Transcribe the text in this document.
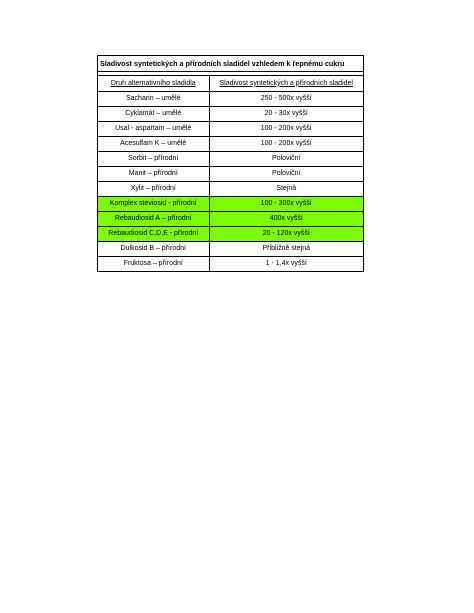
Sladivost syntetických a přírodních sladidel vzhledem k řepnému cukru
Druh alternativního sladidla	Sladivost syntetických a přírodních sladidel
Sacharin – umělé	250 - 500x vyšší
Cyklamát – umělé	20 - 30x vyšší
Usal - aspartam – umělé	100 - 200x vyšší
Acesulfam K – umělé	100 - 200x vyšší
Sorbit – přírodní	Poloviční
Manit – přírodní	Poloviční
Xylit – přírodní	Stejná
Komplex steviosid - přírodní	100 - 300x vyšší
Rebaudiosid A – přírodní	400x vyšší
Rebaudiosid C,D,E - přírodní	20 - 120x vyšší
Dulkosid B – přírodní	Přibližně stejná
Fruktosa – přírodní	1 - 1,4x vyšší
